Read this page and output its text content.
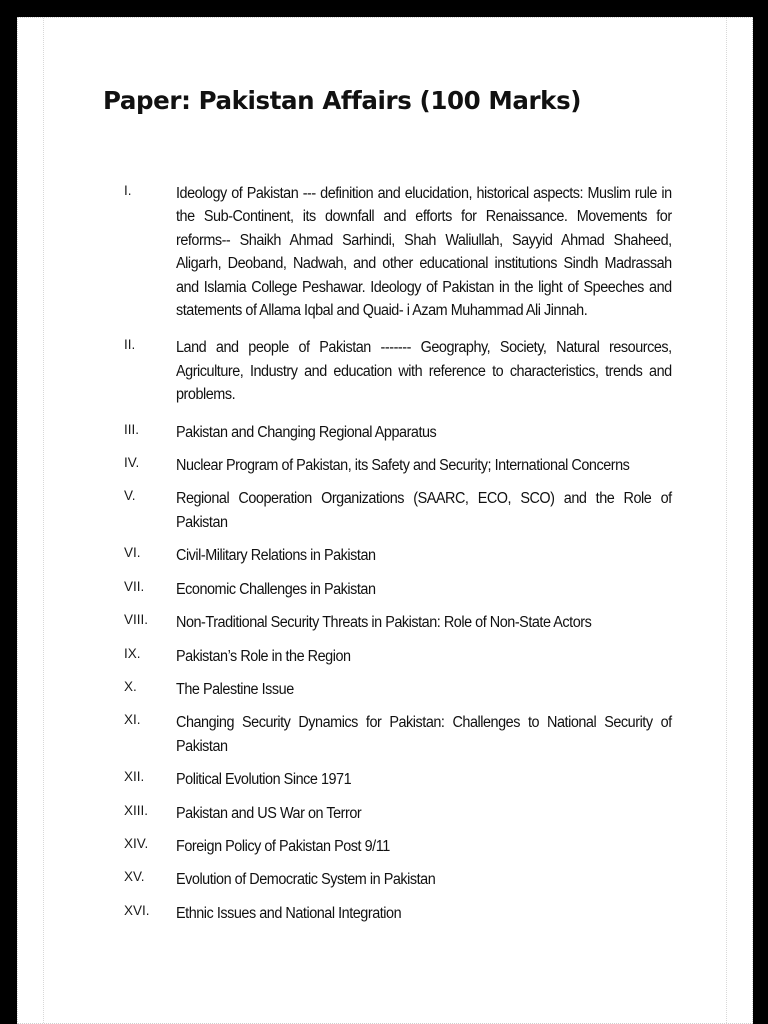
Paper: Pakistan Affairs (100 Marks)
I.	Ideology of Pakistan --- definition and elucidation, historical aspects: Muslim rule in the Sub-Continent, its downfall and efforts for Renaissance. Movements for reforms-- Shaikh Ahmad Sarhindi, Shah Waliullah, Sayyid Ahmad Shaheed, Aligarh, Deoband, Nadwah, and other educational institutions Sindh Madrassah and Islamia College Peshawar. Ideology of Pakistan in the light of Speeches and statements of Allama Iqbal and Quaid- i Azam Muhammad Ali Jinnah.
II.	Land and people of Pakistan ------- Geography, Society, Natural resources, Agriculture, Industry and education with reference to characteristics, trends and problems.
III. Pakistan and Changing Regional Apparatus
IV. Nuclear Program of Pakistan, its Safety and Security; International Concerns
V.	Regional Cooperation Organizations (SAARC, ECO, SCO) and the Role of Pakistan
VI. Civil-Military Relations in Pakistan
VII. Economic Challenges in Pakistan
VIII. Non-Traditional Security Threats in Pakistan: Role of Non-State Actors
IX. Pakistan’s Role in the Region
X.	The Palestine Issue
XI. Changing Security Dynamics for Pakistan: Challenges to National Security of Pakistan
XII. Political Evolution Since 1971
XIII. Pakistan and US War on Terror
XIV. Foreign Policy of Pakistan Post 9/11
XV. Evolution of Democratic System in Pakistan
XVI. Ethnic Issues and National Integration
